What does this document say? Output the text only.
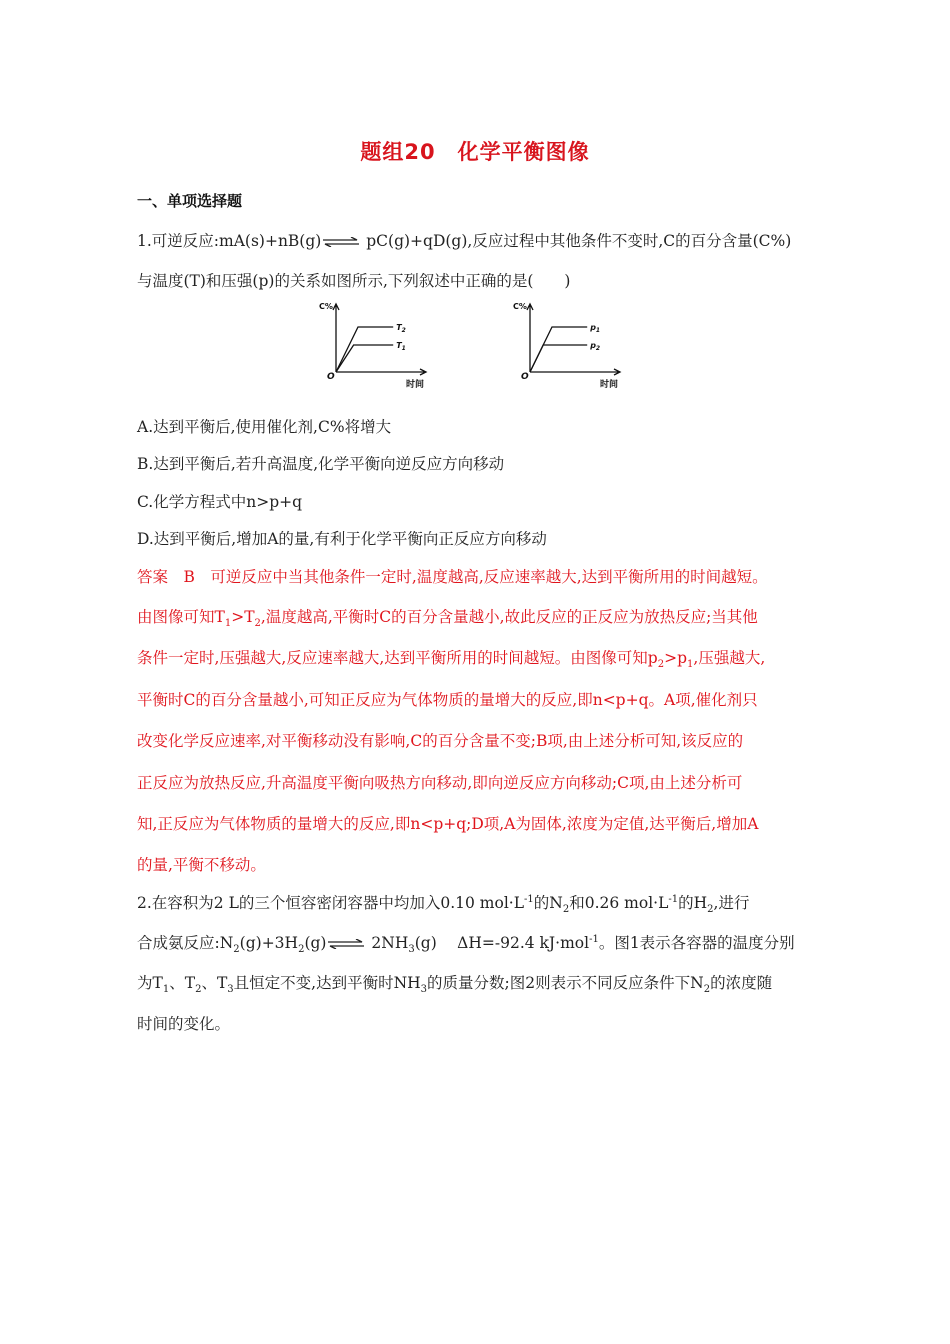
题组20　化学平衡图像
一、单项选择题
1.可逆反应:mA(s)+nB(g)⇌ pC(g)+qD(g),反应过程中其他条件不变时,C的百分含量(C%)
与温度(T)和压强(p)的关系如图所示,下列叙述中正确的是(　　)
C%
O
时间
$T_2$
$T_1$
C%
O
时间
$p_1$
$p_2$
A.达到平衡后,使用催化剂,C%将增大
B.达到平衡后,若升高温度,化学平衡向逆反应方向移动
C.化学方程式中n>p+q
D.达到平衡后,增加A的量,有利于化学平衡向正反应方向移动
答案　B　可逆反应中当其他条件一定时,温度越高,反应速率越大,达到平衡所用的时间越短。
由图像可知$T_1>T_2$,温度越高,平衡时C的百分含量越小,故此反应的正反应为放热反应;当其他
条件一定时,压强越大,反应速率越大,达到平衡所用的时间越短。由图像可知$p_2>p_1$,压强越大,
平衡时C的百分含量越小,可知正反应为气体物质的量增大的反应,即n<p+q。A项,催化剂只
改变化学反应速率,对平衡移动没有影响,C的百分含量不变;B项,由上述分析可知,该反应的
正反应为放热反应,升高温度平衡向吸热方向移动,即向逆反应方向移动;C项,由上述分析可
知,正反应为气体物质的量增大的反应,即n<p+q;D项,A为固体,浓度为定值,达平衡后,增加A
的量,平衡不移动。
2.在容积为2 L的三个恒容密闭容器中均加入0.10 $mol\cdot L^{-1}$的$N_2$和0.26 $mol\cdot L^{-1}$的$H_2$,进行
合成氨反应$:N_2(g)+3H_2(g)\rightleftharpoons$ $2NH_3(g)$　 ΔH=-92.4 kJ·mol$^{-1}$。图1表示各容器的温度分别
为$T_1$、$T_2$、$T_3$且恒定不变,达到平衡时$NH_3$的质量分数;图2则表示不同反应条件下$N_2$的浓度随
时间的变化。
